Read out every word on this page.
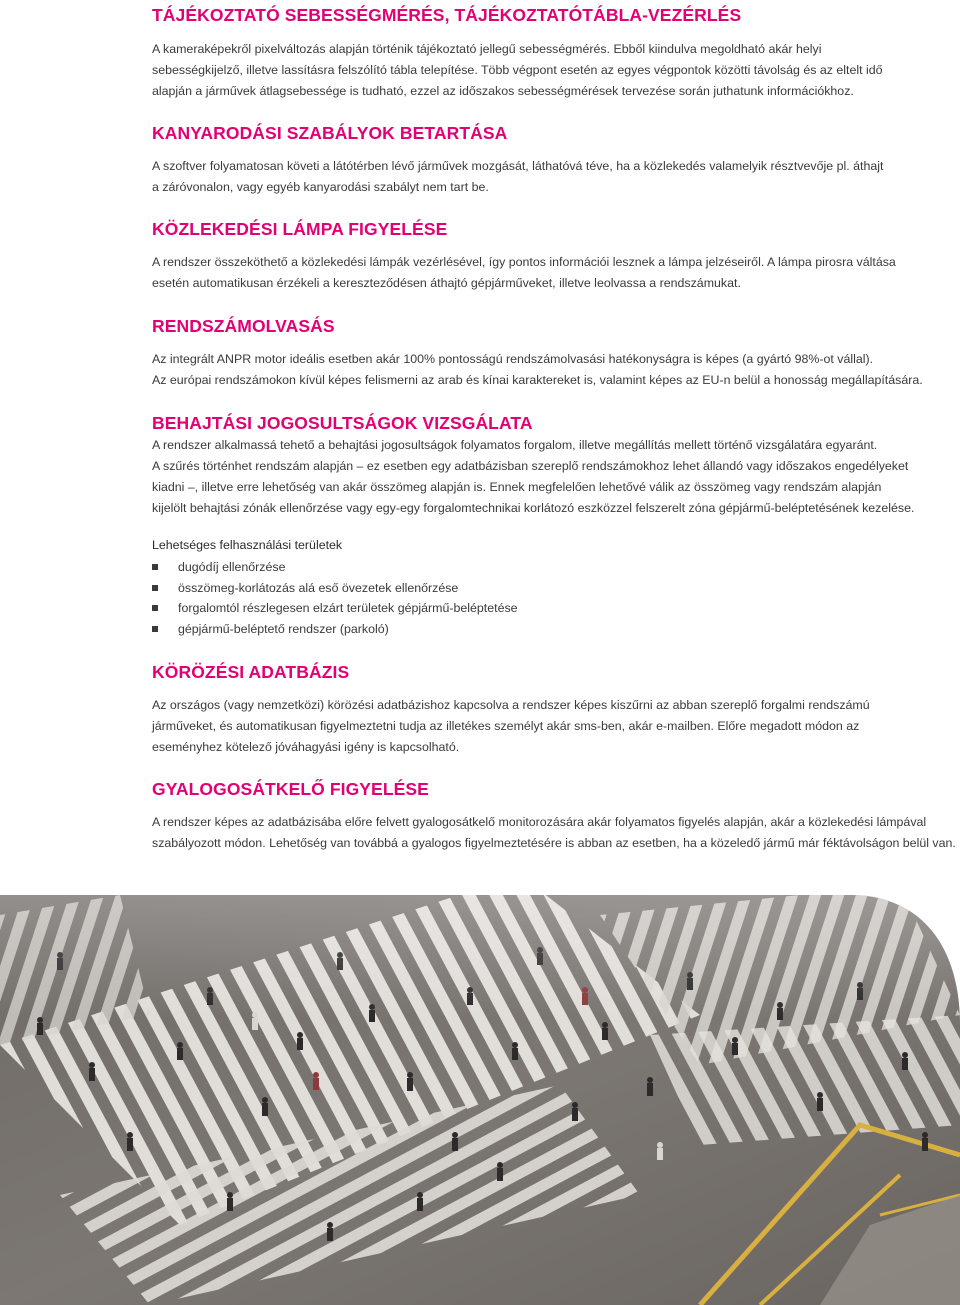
TÁJÉKOZTATÓ SEBESSÉGMÉRÉS, TÁJÉKOZTATÓTÁBLA-VEZÉRLÉS

A kameraképekről pixelváltozás alapján történik tájékoztató jellegű sebességmérés. Ebből kiindulva megoldható akár helyi
sebességkijelző, illetve lassításra felszólító tábla telepítése. Több végpont esetén az egyes végpontok közötti távolság és az eltelt idő
alapján a járművek átlagsebessége is tudható, ezzel az időszakos sebességmérések tervezése során juthatunk információkhoz.

KANYARODÁSI SZABÁLYOK BETARTÁSA

A szoftver folyamatosan követi a látótérben lévő járművek mozgását, láthatóvá téve, ha a közlekedés valamelyik résztvevője pl. áthajt
a záróvonalon, vagy egyéb kanyarodási szabályt nem tart be.

KÖZLEKEDÉSI LÁMPA FIGYELÉSE

A rendszer összeköthető a közlekedési lámpák vezérlésével, így pontos információi lesznek a lámpa jelzéseiről. A lámpa pirosra váltása
esetén automatikusan érzékeli a kereszteződésen áthajtó gépjárműveket, illetve leolvassa a rendszámukat.

RENDSZÁMOLVASÁS

Az integrált ANPR motor ideális esetben akár 100% pontosságú rendszámolvasási hatékonyságra is képes (a gyártó 98%-ot vállal).
Az európai rendszámokon kívül képes felismerni az arab és kínai karaktereket is, valamint képes az EU-n belül a honosság megállapítására.

BEHAJTÁSI JOGOSULTSÁGOK VIZSGÁLATA

A rendszer alkalmassá tehető a behajtási jogosultságok folyamatos forgalom, illetve megállítás mellett történő vizsgálatára egyaránt.
A szűrés történhet rendszám alapján – ez esetben egy adatbázisban szereplő rendszámokhoz lehet állandó vagy időszakos engedélyeket
kiadni –, illetve erre lehetőség van akár összömeg alapján is. Ennek megfelelően lehetővé válik az összömeg vagy rendszám alapján
kijelölt behajtási zónák ellenőrzése vagy egy-egy forgalomtechnikai korlátozó eszközzel felszerelt zóna gépjármű-beléptetésének kezelése.

Lehetséges felhasználási területek
dugódíj ellenőrzése
összömeg-korlátozás alá eső övezetek ellenőrzése
forgalomtól részlegesen elzárt területek gépjármű-beléptetése
gépjármű-beléptető rendszer (parkoló)
KÖRÖZÉSI ADATBÁZIS

Az országos (vagy nemzetközi) körözési adatbázishoz kapcsolva a rendszer képes kiszűrni az abban szereplő forgalmi rendszámú
járműveket, és automatikusan figyelmeztetni tudja az illetékes személyt akár sms-ben, akár e-mailben. Előre megadott módon az
eseményhez kötelező jóváhagyási igény is kapcsolható.

GYALOGOSÁTKELŐ FIGYELÉSE

A rendszer képes az adatbázisába előre felvett gyalogosátkelő monitorozására akár folyamatos figyelés alapján, akár a közlekedési lámpával
szabályozott módon. Lehetőség van továbbá a gyalogos figyelmeztetésére is abban az esetben, ha a közeledő jármű már féktávolságon belül van.
